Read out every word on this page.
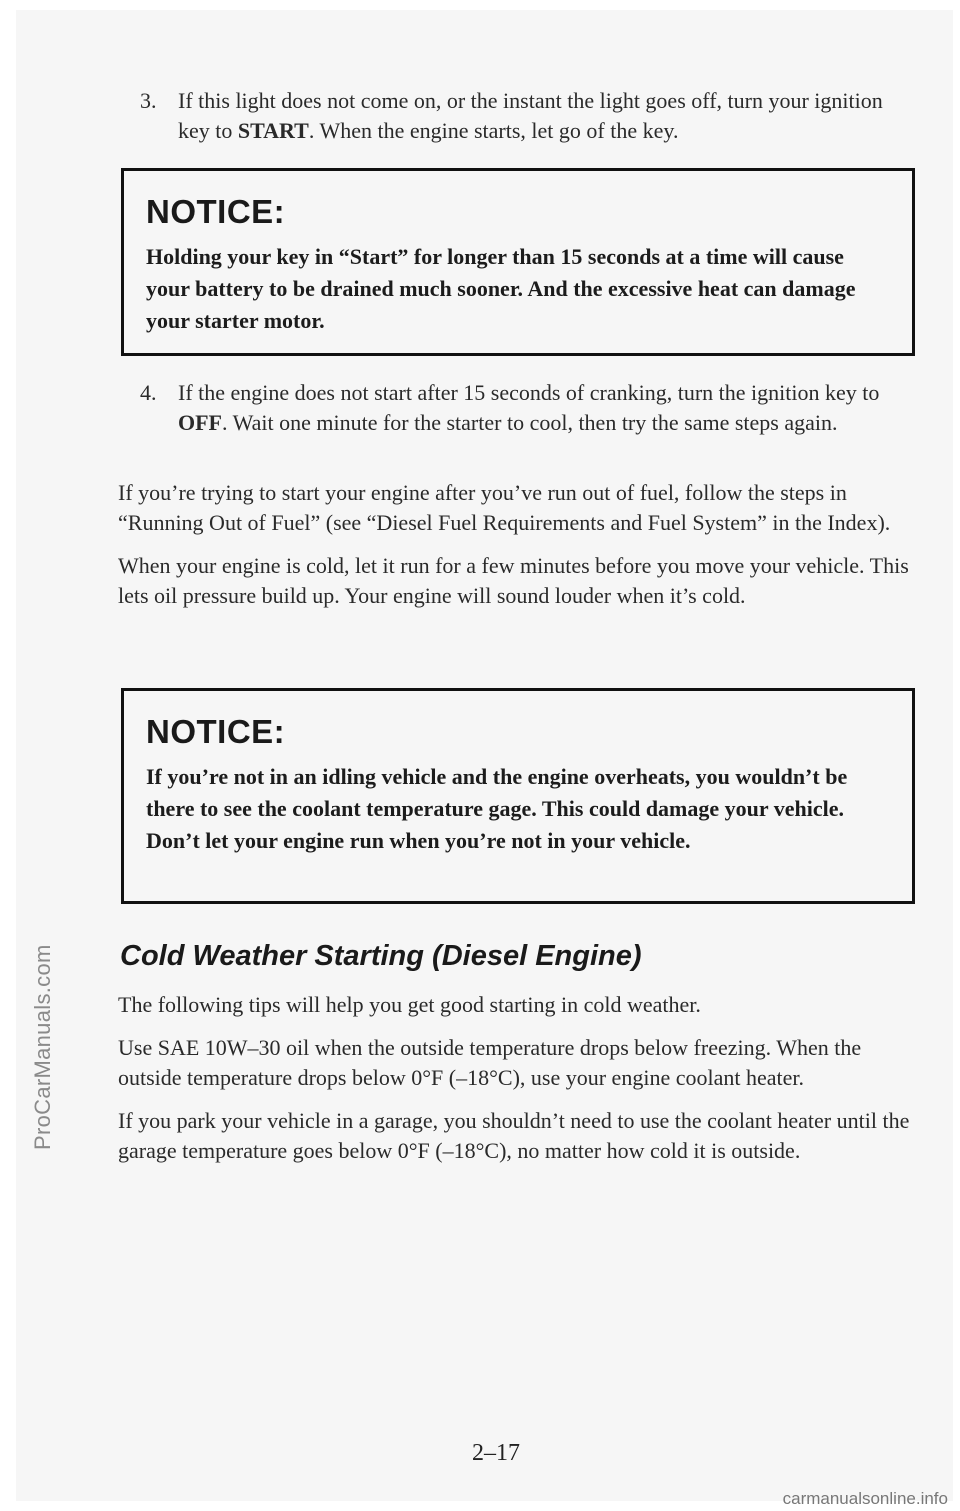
ProCarManuals.com
3. If this light does not come on, or the instant the light goes off, turn your ignition key to START. When the engine starts, let go of the key.
NOTICE:
Holding your key in “Start” for longer than 15 seconds at a time will cause your battery to be drained much sooner. And the excessive heat can damage your starter motor.
4. If the engine does not start after 15 seconds of cranking, turn the ignition key to OFF. Wait one minute for the starter to cool, then try the same steps again.

If you’re trying to start your engine after you’ve run out of fuel, follow the steps in “Running Out of Fuel” (see “Diesel Fuel Requirements and Fuel System” in the Index).

When your engine is cold, let it run for a few minutes before you move your vehicle. This lets oil pressure build up. Your engine will sound louder when it’s cold.

NOTICE:
If you’re not in an idling vehicle and the engine overheats, you wouldn’t be there to see the coolant temperature gage. This could damage your vehicle. Don’t let your engine run when you’re not in your vehicle.
Cold Weather Starting (Diesel Engine)

The following tips will help you get good starting in cold weather.

Use SAE 10W–30 oil when the outside temperature drops below freezing. When the outside temperature drops below 0°F (–18°C), use your engine coolant heater.

If you park your vehicle in a garage, you shouldn’t need to use the coolant heater until the garage temperature goes below 0°F (–18°C), no matter how cold it is outside.

2–17
carmanualsonline.info
